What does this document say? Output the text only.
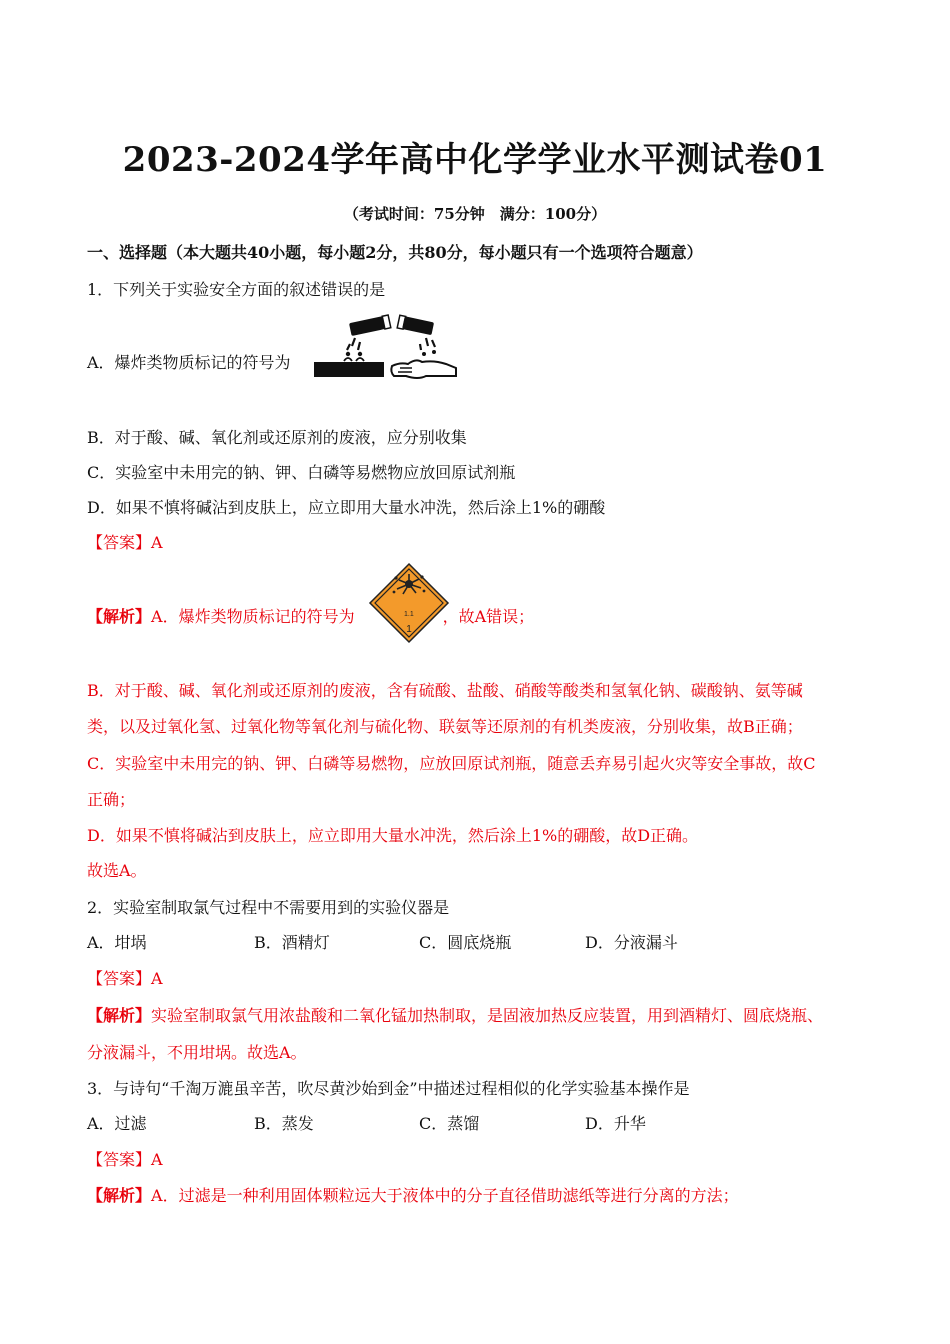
2023-2024学年高中化学学业水平测试卷01
（考试时间：75分钟　满分：100分）
一、选择题（本大题共40小题，每小题2分，共80分，每小题只有一个选项符合题意）
1．下列关于实验安全方面的叙述错误的是
A．爆炸类物质标记的符号为
B．对于酸、碱、氧化剂或还原剂的废液，应分别收集
C．实验室中未用完的钠、钾、白磷等易燃物应放回原试剂瓶
D．如果不慎将碱沾到皮肤上，应立即用大量水冲洗，然后涂上1%的硼酸
【答案】A
【解析】A．爆炸类物质标记的符号为	，故A错误；
1.1
1
B．对于酸、碱、氧化剂或还原剂的废液，含有硫酸、盐酸、硝酸等酸类和氢氧化钠、碳酸钠、氨等碱
类，以及过氧化氢、过氧化物等氧化剂与硫化物、联氨等还原剂的有机类废液，分别收集，故B正确；
C．实验室中未用完的钠、钾、白磷等易燃物，应放回原试剂瓶，随意丢弃易引起火灾等安全事故，故C
正确；
D．如果不慎将碱沾到皮肤上，应立即用大量水冲洗，然后涂上1%的硼酸，故D正确。
故选A。
2．实验室制取氯气过程中不需要用到的实验仪器是
A．坩埚	B．酒精灯	C．圆底烧瓶	D．分液漏斗
【答案】A
【解析】实验室制取氯气用浓盐酸和二氧化锰加热制取，是固液加热反应装置，用到酒精灯、圆底烧瓶、
分液漏斗，不用坩埚。故选A。
3．与诗句“千淘万漉虽辛苦，吹尽黄沙始到金”中描述过程相似的化学实验基本操作是
A．过滤	B．蒸发	C．蒸馏	D．升华
【答案】A
【解析】A．过滤是一种利用固体颗粒远大于液体中的分子直径借助滤纸等进行分离的方法；
